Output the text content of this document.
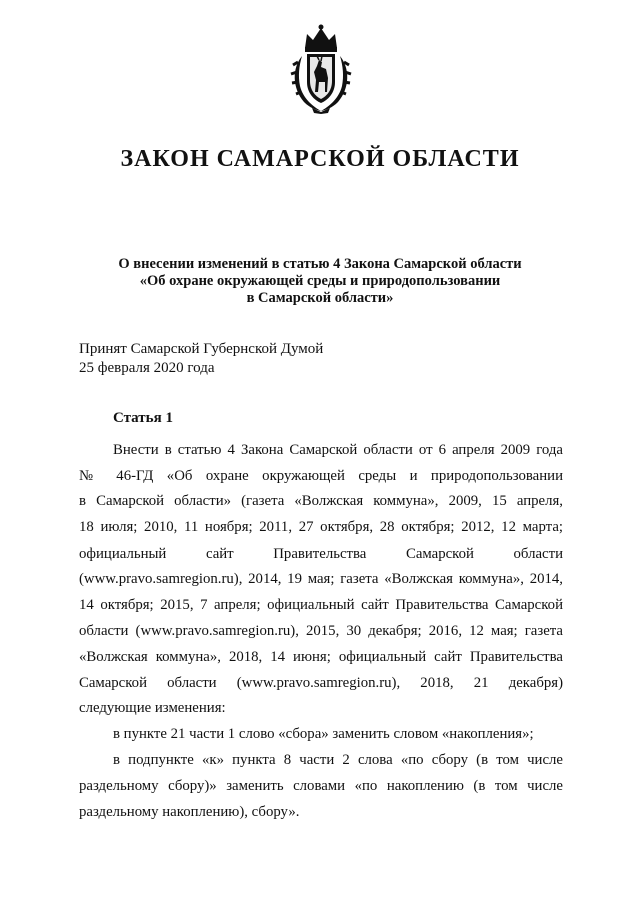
ЗАКОН САМАРСКОЙ ОБЛАСТИ
О внесении изменений в статью 4 Закона Самарской области
«Об охране окружающей среды и природопользовании
в Самарской области»
Принят Самарской Губернской Думой
25 февраля 2020 года
Статья 1
Внести в статью 4 Закона Самарской области от 6 апреля 2009 года
№ 46-ГД «Об охране окружающей среды и природопользовании
в Самарской области» (газета «Волжская коммуна», 2009, 15 апреля,
18 июля; 2010, 11 ноября; 2011, 27 октября, 28 октября; 2012, 12 марта;
официальный сайт Правительства Самарской области
(www.pravo.samregion.ru), 2014, 19 мая; газета «Волжская коммуна», 2014,
14 октября; 2015, 7 апреля; официальный сайт Правительства Самарской
области (www.pravo.samregion.ru), 2015, 30 декабря; 2016, 12 мая; газета
«Волжская коммуна», 2018, 14 июня; официальный сайт Правительства
Самарской области (www.pravo.samregion.ru), 2018, 21 декабря)
следующие изменения:
в пункте 21 части 1 слово «сбора» заменить словом «накопления»;
в подпункте «к» пункта 8 части 2 слова «по сбору (в том числе
раздельному сбору)» заменить словами «по накоплению (в том числе
раздельному накоплению), сбору».
